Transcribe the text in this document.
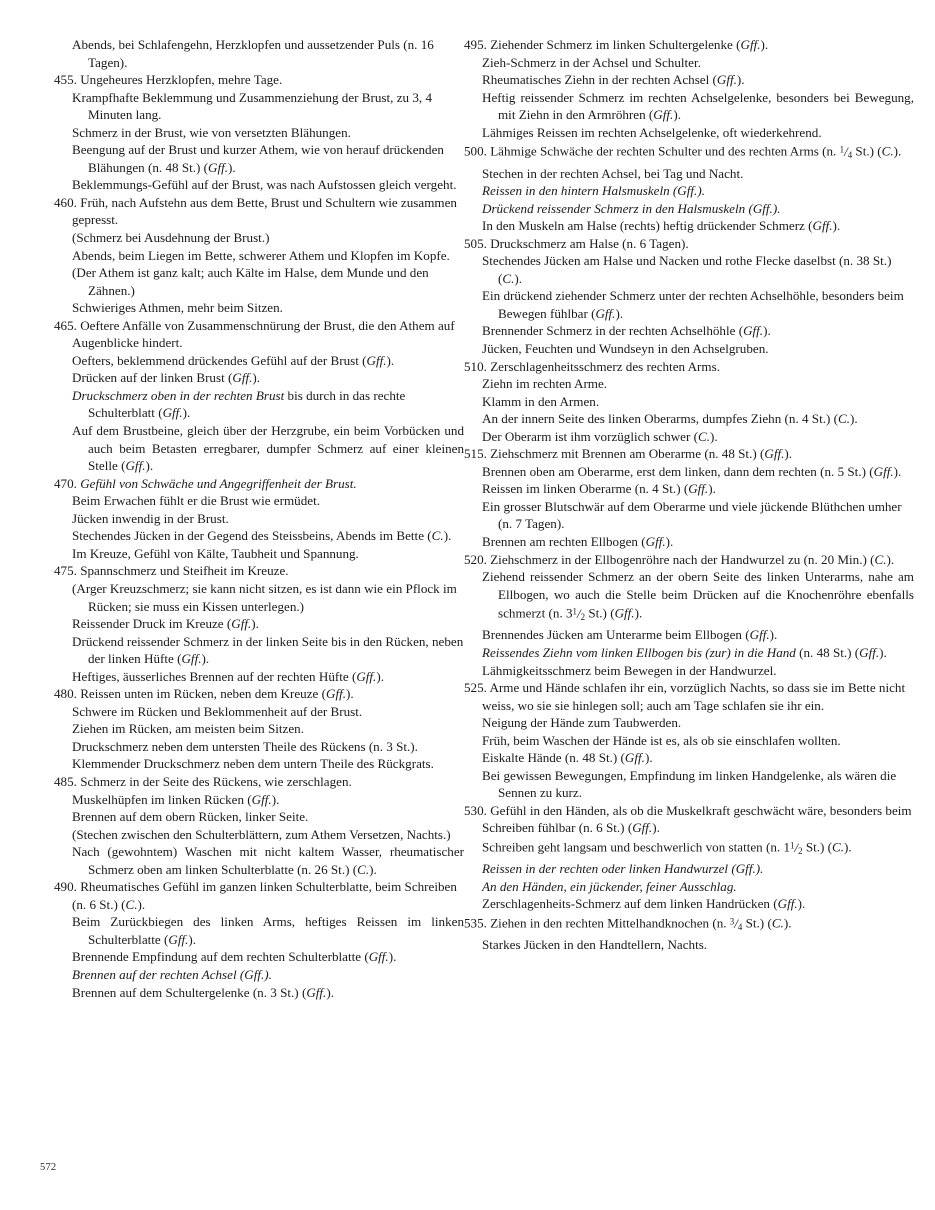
Abends, bei Schlafengehn, Herzklopfen und aussetzender Puls (n. 16 Tagen).
455. Ungeheures Herzklopfen, mehre Tage.
Krampfhafte Beklemmung und Zusammenziehung der Brust, zu 3, 4 Minuten lang.
Schmerz in der Brust, wie von versetzten Blähungen.
Beengung auf der Brust und kurzer Athem, wie von herauf drückenden Blähungen (n. 48 St.) (Gff.).
Beklemmungs-Gefühl auf der Brust, was nach Aufstossen gleich vergeht.
460. Früh, nach Aufstehn aus dem Bette, Brust und Schultern wie zusammen gepresst.
(Schmerz bei Ausdehnung der Brust.)
Abends, beim Liegen im Bette, schwerer Athem und Klopfen im Kopfe.
(Der Athem ist ganz kalt; auch Kälte im Halse, dem Munde und den Zähnen.)
Schwieriges Athmen, mehr beim Sitzen.
465. Oeftere Anfälle von Zusammenschnürung der Brust, die den Athem auf Augenblicke hindert.
Oefters, beklemmend drückendes Gefühl auf der Brust (Gff.).
Drücken auf der linken Brust (Gff.).
Druckschmerz oben in der rechten Brust bis durch in das rechte Schulterblatt (Gff.).
Auf dem Brustbeine, gleich über der Herzgrube, ein beim Vorbücken und auch beim Betasten erregbarer, dumpfer Schmerz auf einer kleinen Stelle (Gff.).
470. Gefühl von Schwäche und Angegriffenheit der Brust.
Beim Erwachen fühlt er die Brust wie ermüdet.
Jücken inwendig in der Brust.
Stechendes Jücken in der Gegend des Steissbeins, Abends im Bette (C.).
Im Kreuze, Gefühl von Kälte, Taubheit und Spannung.
475. Spannschmerz und Steifheit im Kreuze.
(Arger Kreuzschmerz; sie kann nicht sitzen, es ist dann wie ein Pflock im Rücken; sie muss ein Kissen unterlegen.)
Reissender Druck im Kreuze (Gff.).
Drückend reissender Schmerz in der linken Seite bis in den Rücken, neben der linken Hüfte (Gff.).
Heftiges, äusserliches Brennen auf der rechten Hüfte (Gff.).
480. Reissen unten im Rücken, neben dem Kreuze (Gff.).
Schwere im Rücken und Beklommenheit auf der Brust.
Ziehen im Rücken, am meisten beim Sitzen.
Druckschmerz neben dem untersten Theile des Rückens (n. 3 St.).
Klemmender Druckschmerz neben dem untern Theile des Rückgrats.
485. Schmerz in der Seite des Rückens, wie zerschlagen.
Muskelhüpfen im linken Rücken (Gff.).
Brennen auf dem obern Rücken, linker Seite.
(Stechen zwischen den Schulterblättern, zum Athem Versetzen, Nachts.)
Nach (gewohntem) Waschen mit nicht kaltem Wasser, rheumatischer Schmerz oben am linken Schulterblatte (n. 26 St.) (C.).
490. Rheumatisches Gefühl im ganzen linken Schulterblatte, beim Schreiben (n. 6 St.) (C.).
Beim Zurückbiegen des linken Arms, heftiges Reissen im linken Schulterblatte (Gff.).
Brennende Empfindung auf dem rechten Schulterblatte (Gff.).
Brennen auf der rechten Achsel (Gff.).
Brennen auf dem Schultergelenke (n. 3 St.) (Gff.).
495. Ziehender Schmerz im linken Schultergelenke (Gff.).
Zieh-Schmerz in der Achsel und Schulter.
Rheumatisches Ziehn in der rechten Achsel (Gff.).
Heftig reissender Schmerz im rechten Achselgelenke, besonders bei Bewegung, mit Ziehn in den Armröhren (Gff.).
Lähmiges Reissen im rechten Achselgelenke, oft wiederkehrend.
500. Lähmige Schwäche der rechten Schulter und des rechten Arms (n. $^1$/4 St.) (C.).
Stechen in der rechten Achsel, bei Tag und Nacht.
Reissen in den hintern Halsmuskeln (Gff.).
Drückend reissender Schmerz in den Halsmuskeln (Gff.).
In den Muskeln am Halse (rechts) heftig drückender Schmerz (Gff.).
505. Druckschmerz am Halse (n. 6 Tagen).
Stechendes Jücken am Halse und Nacken und rothe Flecke daselbst (n. 38 St.) (C.).
Ein drückend ziehender Schmerz unter der rechten Achselhöhle, besonders beim Bewegen fühlbar (Gff.).
Brennender Schmerz in der rechten Achselhöhle (Gff.).
Jücken, Feuchten und Wundseyn in den Achselgruben.
510. Zerschlagenheitsschmerz des rechten Arms.
Ziehn im rechten Arme.
Klamm in den Armen.
An der innern Seite des linken Oberarms, dumpfes Ziehn (n. 4 St.) (C.).
Der Oberarm ist ihm vorzüglich schwer (C.).
515. Ziehschmerz mit Brennen am Oberarme (n. 48 St.) (Gff.).
Brennen oben am Oberarme, erst dem linken, dann dem rechten (n. 5 St.) (Gff.).
Reissen im linken Oberarme (n. 4 St.) (Gff.).
Ein grosser Blutschwär auf dem Oberarme und viele jückende Blüthchen umher (n. 7 Tagen).
Brennen am rechten Ellbogen (Gff.).
520. Ziehschmerz in der Ellbogenröhre nach der Handwurzel zu (n. 20 Min.) (C.).
Ziehend reissender Schmerz an der obern Seite des linken Unterarms, nahe am Ellbogen, wo auch die Stelle beim Drücken auf die Knochenröhre ebenfalls schmerzt (n. $3^1/2$ St.) (Gff.).
Brennendes Jücken am Unterarme beim Ellbogen (Gff.).
Reissendes Ziehn vom linken Ellbogen bis (zur) in die Hand (n. 48 St.) (Gff.).
Lähmigkeitsschmerz beim Bewegen in der Handwurzel.
525. Arme und Hände schlafen ihr ein, vorzüglich Nachts, so dass sie im Bette nicht weiss, wo sie sie hinlegen soll; auch am Tage schlafen sie ihr ein.
Neigung der Hände zum Taubwerden.
Früh, beim Waschen der Hände ist es, als ob sie einschlafen wollten.
Eiskalte Hände (n. 48 St.) (Gff.).
Bei gewissen Bewegungen, Empfindung im linken Handgelenke, als wären die Sennen zu kurz.
530. Gefühl in den Händen, als ob die Muskelkraft geschwächt wäre, besonders beim Schreiben fühlbar (n. 6 St.) (Gff.).
Schreiben geht langsam und beschwerlich von statten (n. $1^1/2$ St.) (C.).
Reissen in der rechten oder linken Handwurzel (Gff.).
An den Händen, ein jückender, feiner Ausschlag.
Zerschlagenheits-Schmerz auf dem linken Handrücken (Gff.).
535. Ziehen in den rechten Mittelhandknochen (n. $^3$/4 St.) (C.).
Starkes Jücken in den Handtellern, Nachts.
572
